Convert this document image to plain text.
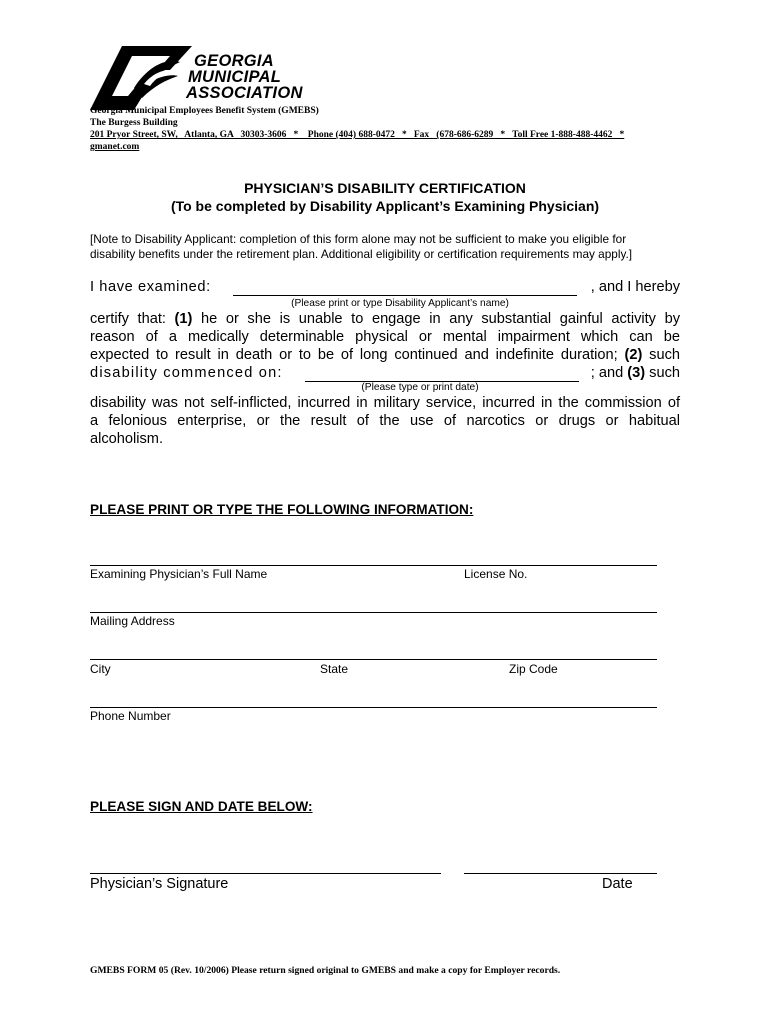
GEORGIA
MUNICIPAL
ASSOCIATION
Georgia Municipal Employees Benefit System (GMEBS)
The Burgess Building
201 Pryor Street, SW,   Atlanta, GA   30303-3606   *    Phone (404) 688-0472   *   Fax   (678-686-6289   *   Toll Free 1-888-488-4462   *
gmanet.com
PHYSICIAN’S DISABILITY CERTIFICATION
(To be completed by Disability Applicant’s Examining Physician)
[Note to Disability Applicant: completion of this form alone may not be sufficient to make you eligible for
disability benefits under the retirement plan. Additional eligibility or certification requirements may apply.]
I have examined:	, and I hereby
(Please print or type Disability Applicant’s name)
certify that: (1) he or she is unable to engage in any substantial gainful activity by
reason of a medically determinable physical or mental impairment which can be
expected to result in death or to be of long continued and indefinite duration; (2) such
disability commenced on:	; and (3) such
(Please type or print date)
disability was not self-inflicted, incurred in military service, incurred in the commission of
a felonious enterprise, or the result of the use of narcotics or drugs or habitual
alcoholism.
PLEASE PRINT OR TYPE THE FOLLOWING INFORMATION:
Examining Physician’s Full Name	License No.
Mailing Address
City	State	Zip Code
Phone Number
PLEASE SIGN AND DATE BELOW:
Physician’s Signature	Date
GMEBS FORM 05 (Rev. 10/2006) Please return signed original to GMEBS and make a copy for Employer records.
